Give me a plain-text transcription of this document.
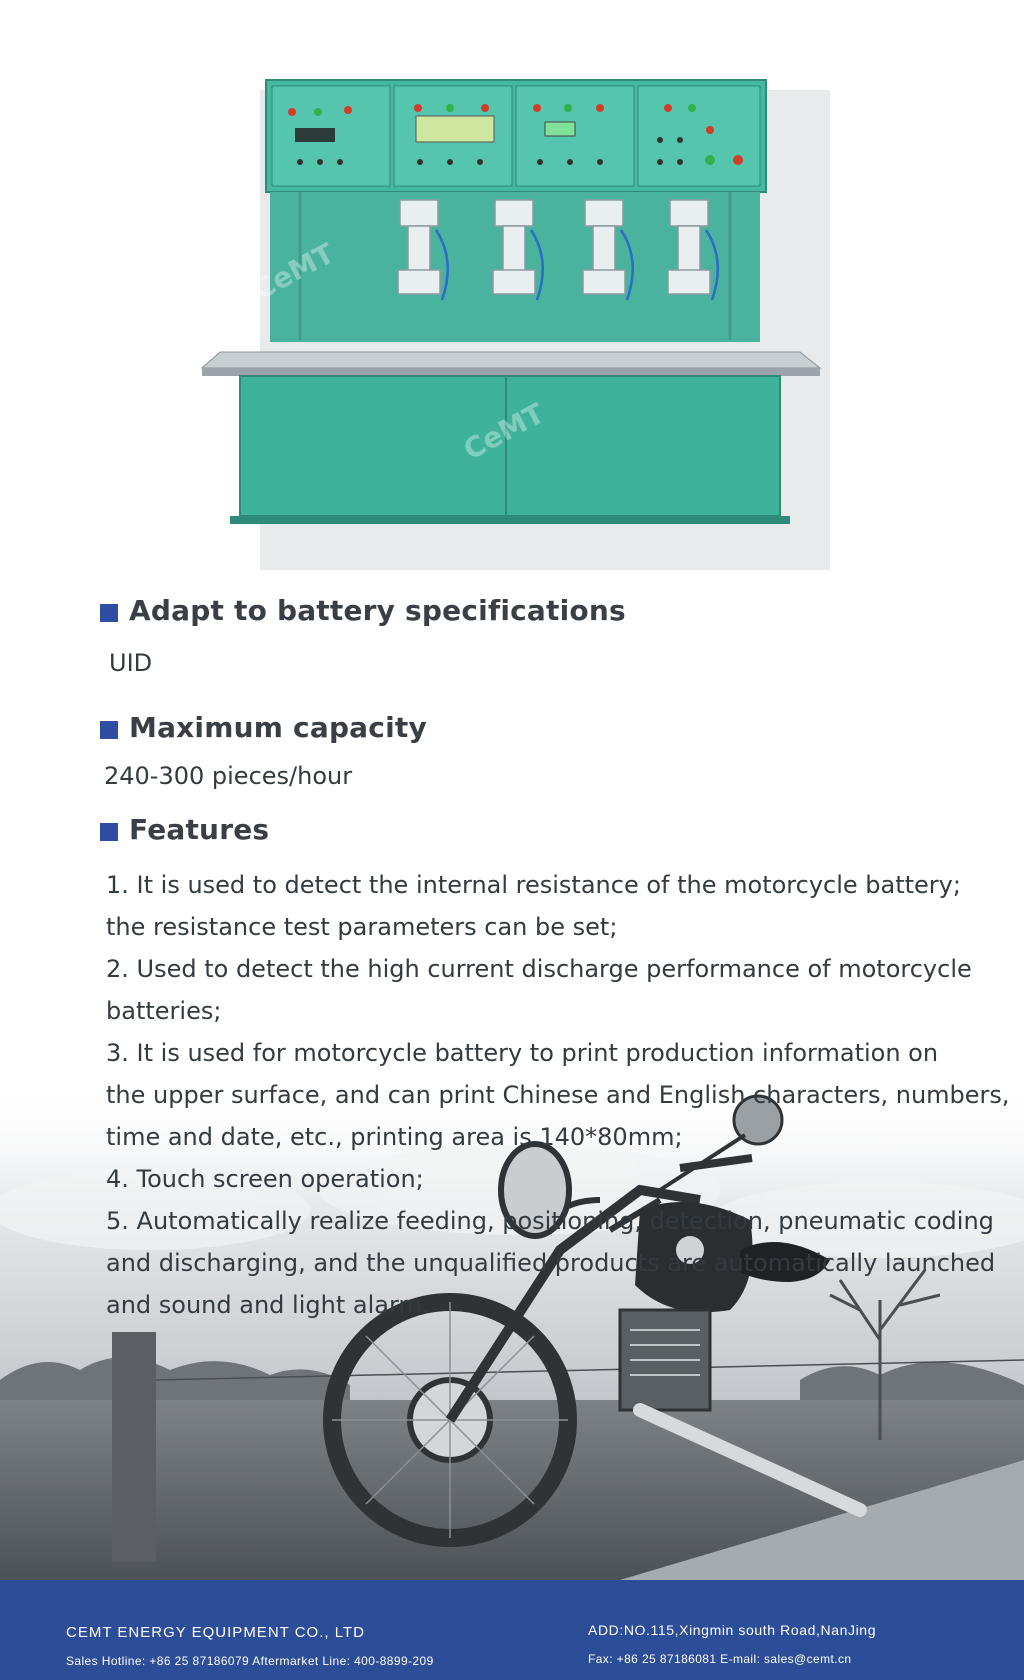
CeMT
CeMT
Adapt to battery specifications
UID
Maximum capacity
240-300 pieces/hour
Features
1. It is used to detect the internal resistance of the motorcycle battery;
the resistance test parameters can be set;
2. Used to detect the high current discharge performance of motorcycle
batteries;
3. It is used for motorcycle battery to print production information on
the upper surface, and can print Chinese and English characters, numbers,
time and date, etc., printing area is 140*80mm;
4. Touch screen operation;
5. Automatically realize feeding, positioning, detection, pneumatic coding
and discharging, and the unqualified products are automatically launched
and sound and light alarm.
CEMT ENERGY EQUIPMENT CO., LTD
Sales Hotline: +86 25 87186079 Aftermarket Line: 400-8899-209
ADD:NO.115,Xingmin south Road,NanJing
Fax: +86 25 87186081 E-mail: sales@cemt.cn
